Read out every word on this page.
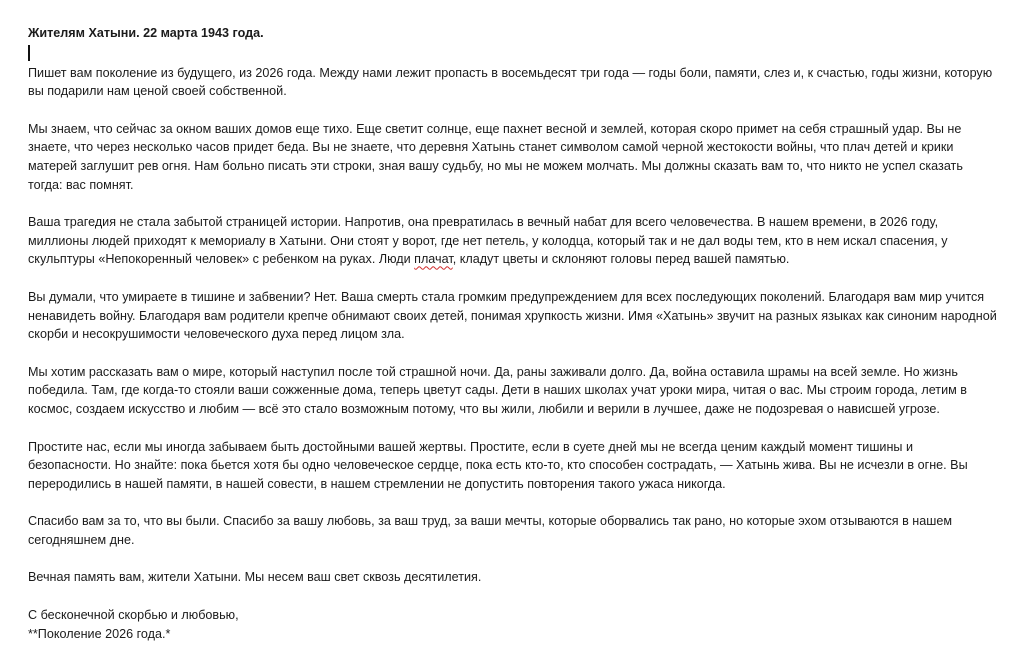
Жителям Хатыни. 22 марта 1943 года.

Пишет вам поколение из будущего, из 2026 года. Между нами лежит пропасть в восемьдесят три года — годы боли, памяти, слез и, к счастью, годы жизни, которую вы подарили нам ценой своей собственной.

Мы знаем, что сейчас за окном ваших домов еще тихо. Еще светит солнце, еще пахнет весной и землей, которая скоро примет на себя страшный удар. Вы не знаете, что через несколько часов придет беда. Вы не знаете, что деревня Хатынь станет символом самой черной жестокости войны, что плач детей и крики матерей заглушит рев огня. Нам больно писать эти строки, зная вашу судьбу, но мы не можем молчать. Мы должны сказать вам то, что никто не успел сказать тогда: вас помнят.

Ваша трагедия не стала забытой страницей истории. Напротив, она превратилась в вечный набат для всего человечества. В нашем времени, в 2026 году, миллионы людей приходят к мемориалу в Хатыни. Они стоят у ворот, где нет петель, у колодца, который так и не дал воды тем, кто в нем искал спасения, у скульптуры «Непокоренный человек» с ребенком на руках. Люди плачат, кладут цветы и склоняют головы перед вашей памятью.

Вы думали, что умираете в тишине и забвении? Нет. Ваша смерть стала громким предупреждением для всех последующих поколений. Благодаря вам мир учится ненавидеть войну. Благодаря вам родители крепче обнимают своих детей, понимая хрупкость жизни. Имя «Хатынь» звучит на разных языках как синоним народной скорби и несокрушимости человеческого духа перед лицом зла.

Мы хотим рассказать вам о мире, который наступил после той страшной ночи. Да, раны заживали долго. Да, война оставила шрамы на всей земле. Но жизнь победила. Там, где когда-то стояли ваши сожженные дома, теперь цветут сады. Дети в наших школах учат уроки мира, читая о вас. Мы строим города, летим в космос, создаем искусство и любим — всё это стало возможным потому, что вы жили, любили и верили в лучшее, даже не подозревая о нависшей угрозе.

Простите нас, если мы иногда забываем быть достойными вашей жертвы. Простите, если в суете дней мы не всегда ценим каждый момент тишины и безопасности. Но знайте: пока бьется хотя бы одно человеческое сердце, пока есть кто-то, кто способен сострадать, — Хатынь жива. Вы не исчезли в огне. Вы переродились в нашей памяти, в нашей совести, в нашем стремлении не допустить повторения такого ужаса никогда.

Спасибо вам за то, что вы были. Спасибо за вашу любовь, за ваш труд, за ваши мечты, которые оборвались так рано, но которые эхом отзываются в нашем сегодняшнем дне.

Вечная память вам, жители Хатыни. Мы несем ваш свет сквозь десятилетия.

С бесконечной скорбью и любовью,

**Поколение 2026 года.*
